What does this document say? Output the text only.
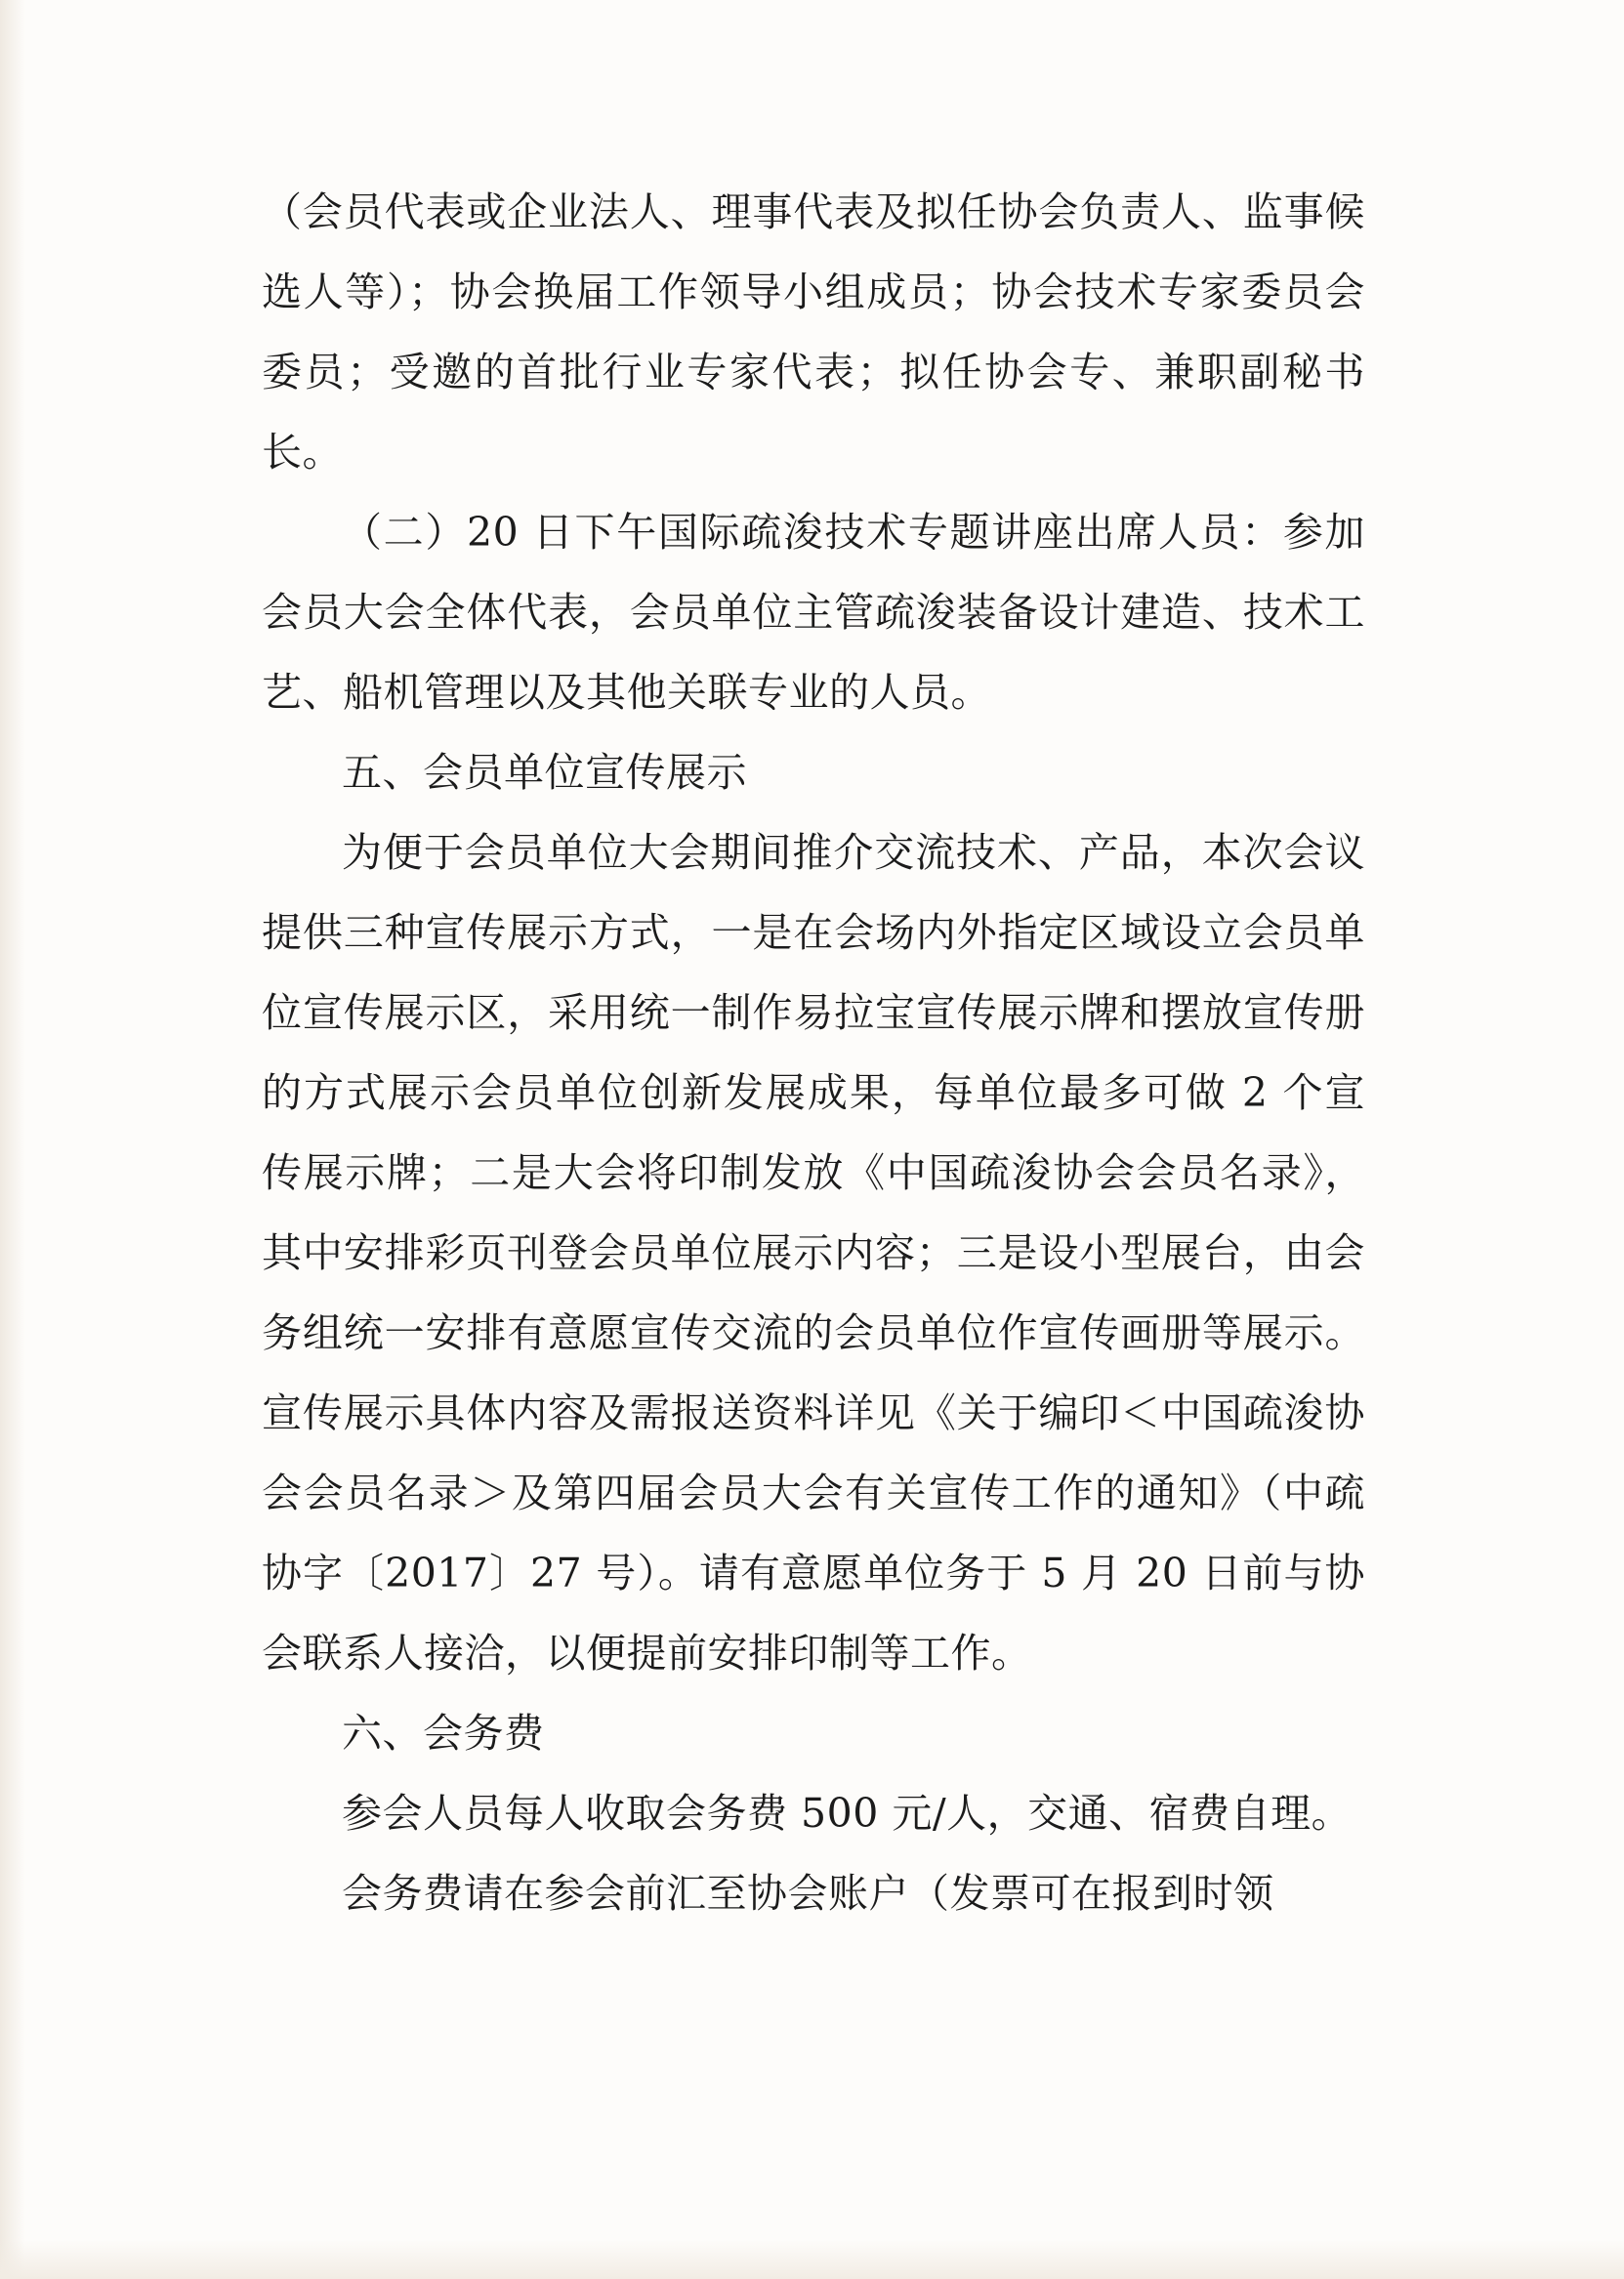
（会员代表或企业法人、理事代表及拟任协会负责人、监事候选人等）；协会换届工作领导小组成员；协会技术专家委员会委员；受邀的首批行业专家代表；拟任协会专、兼职副秘书长。

（二）20 日下午国际疏浚技术专题讲座出席人员：参加会员大会全体代表，会员单位主管疏浚装备设计建造、技术工艺、船机管理以及其他关联专业的人员。

五、会员单位宣传展示

为便于会员单位大会期间推介交流技术、产品，本次会议提供三种宣传展示方式，一是在会场内外指定区域设立会员单位宣传展示区，采用统一制作易拉宝宣传展示牌和摆放宣传册的方式展示会员单位创新发展成果，每单位最多可做 2 个宣传展示牌；二是大会将印制发放《中国疏浚协会会员名录》，其中安排彩页刊登会员单位展示内容；三是设小型展台，由会务组统一安排有意愿宣传交流的会员单位作宣传画册等展示。宣传展示具体内容及需报送资料详见《关于编印＜中国疏浚协会会员名录＞及第四届会员大会有关宣传工作的通知》（中疏协字〔2017〕27 号）。请有意愿单位务于 5 月 20 日前与协会联系人接洽，以便提前安排印制等工作。

六、会务费

参会人员每人收取会务费 500 元/人，交通、宿费自理。

会务费请在参会前汇至协会账户（发票可在报到时领
